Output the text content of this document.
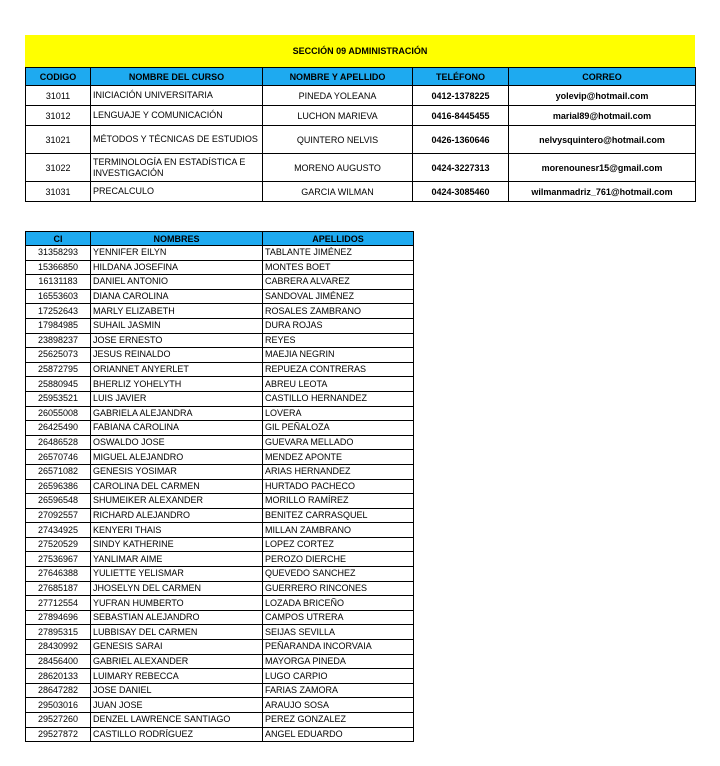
SECCIÓN 09 ADMINISTRACIÓN
CODIGO	NOMBRE DEL CURSO	NOMBRE Y APELLIDO	TELÉFONO	CORREO
31011	INICIACIÓN UNIVERSITARIA	PINEDA YOLEANA	0412-1378225	yolevip@hotmail.com
31012	LENGUAJE Y COMUNICACIÓN	LUCHON MARIEVA	0416-8445455	marial89@hotmail.com
31021	MÉTODOS Y TÉCNICAS DE ESTUDIOS	QUINTERO NELVIS	0426-1360646	nelvysquintero@hotmail.com
31022	TERMINOLOGÍA EN ESTADÍSTICA E INVESTIGACIÓN	MORENO AUGUSTO	0424-3227313	morenounesr15@gmail.com
31031	PRECALCULO	GARCIA WILMAN	0424-3085460	wilmanmadriz_761@hotmail.com
CI	NOMBRES	APELLIDOS
31358293	YENNIFER EILYN	TABLANTE JIMÉNEZ
15366850	HILDANA JOSEFINA	MONTES BOET
16131183	DANIEL ANTONIO	CABRERA ALVAREZ
16553603	DIANA CAROLINA	SANDOVAL JIMÉNEZ
17252643	MARLY ELIZABETH	ROSALES ZAMBRANO
17984985	SUHAIL JASMIN	DURA ROJAS
23898237	JOSE ERNESTO	REYES
25625073	JESUS REINALDO	MAEJIA NEGRIN
25872795	ORIANNET ANYERLET	REPUEZA CONTRERAS
25880945	BHERLIZ YOHELYTH	ABREU LEOTA
25953521	LUIS JAVIER	CASTILLO HERNANDEZ
26055008	GABRIELA ALEJANDRA	LOVERA
26425490	FABIANA CAROLINA	GIL PEÑALOZA
26486528	OSWALDO JOSE	GUEVARA MELLADO
26570746	MIGUEL ALEJANDRO	MENDEZ APONTE
26571082	GENESIS YOSIMAR	ARIAS HERNANDEZ
26596386	CAROLINA DEL CARMEN	HURTADO PACHECO
26596548	SHUMEIKER ALEXANDER	MORILLO RAMÍREZ
27092557	RICHARD ALEJANDRO	BENITEZ CARRASQUEL
27434925	KENYERI THAIS	MILLAN ZAMBRANO
27520529	SINDY KATHERINE	LOPEZ CORTEZ
27536967	YANLIMAR AIME	PEROZO DIERCHE
27646388	YULIETTE YELISMAR	QUEVEDO SANCHEZ
27685187	JHOSELYN DEL CARMEN	GUERRERO RINCONES
27712554	YUFRAN HUMBERTO	LOZADA BRICEÑO
27894696	SEBASTIAN ALEJANDRO	CAMPOS UTRERA
27895315	LUBBISAY DEL CARMEN	SEIJAS SEVILLA
28430992	GENESIS SARAI	PEÑARANDA INCORVAIA
28456400	GABRIEL ALEXANDER	MAYORGA PINEDA
28620133	LUIMARY REBECCA	LUGO CARPIO
28647282	JOSE DANIEL	FARIAS ZAMORA
29503016	JUAN JOSE	ARAUJO SOSA
29527260	DENZEL LAWRENCE SANTIAGO	PEREZ GONZALEZ
29527872	CASTILLO RODRÍGUEZ	ANGEL EDUARDO
